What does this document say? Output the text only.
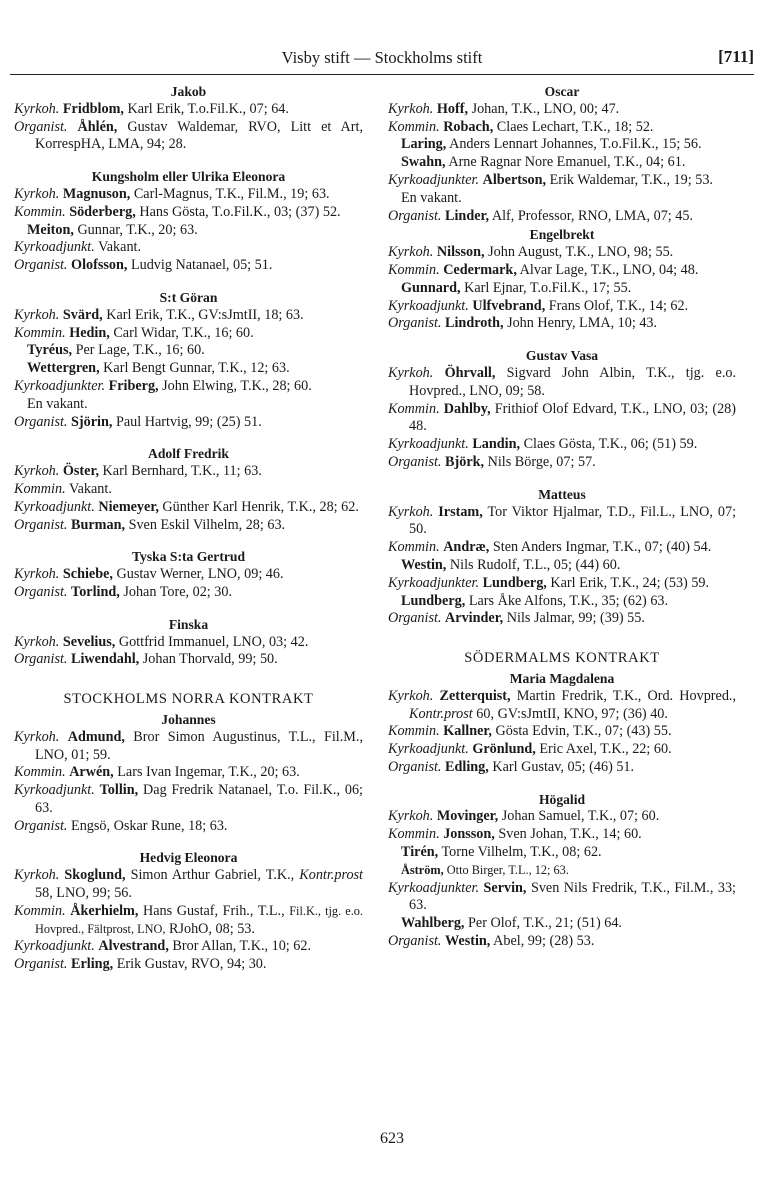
Visby stift — Stockholms stift	[711]
Jakob
Kyrkoh. Fridblom, Karl Erik, T.o.Fil.K., 07; 64.
Organist. Åhlén, Gustav Waldemar, RVO, Litt et Art, KorrespHA, LMA, 94; 28.
Kungsholm eller Ulrika Eleonora
Kyrkoh. Magnuson, Carl-Magnus, T.K., Fil.M., 19; 63.
Kommin. Söderberg, Hans Gösta, T.o.Fil.K., 03; (37) 52.
Meiton, Gunnar, T.K., 20; 63.
Kyrkoadjunkt. Vakant.
Organist. Olofsson, Ludvig Natanael, 05; 51.
S:t Göran
Kyrkoh. Svärd, Karl Erik, T.K., GV:sJmtII, 18; 63.
Kommin. Hedin, Carl Widar, T.K., 16; 60.
Tyréus, Per Lage, T.K., 16; 60.
Wettergren, Karl Bengt Gunnar, T.K., 12; 63.
Kyrkoadjunkter. Friberg, John Elwing, T.K., 28; 60.
En vakant.
Organist. Sjörin, Paul Hartvig, 99; (25) 51.
Adolf Fredrik
Kyrkoh. Öster, Karl Bernhard, T.K., 11; 63.
Kommin. Vakant.
Kyrkoadjunkt. Niemeyer, Günther Karl Henrik, T.K., 28; 62.
Organist. Burman, Sven Eskil Vilhelm, 28; 63.
Tyska S:ta Gertrud
Kyrkoh. Schiebe, Gustav Werner, LNO, 09; 46.
Organist. Torlind, Johan Tore, 02; 30.
Finska
Kyrkoh. Sevelius, Gottfrid Immanuel, LNO, 03; 42.
Organist. Liwendahl, Johan Thorvald, 99; 50.
STOCKHOLMS NORRA KONTRAKT
Johannes
Kyrkoh. Admund, Bror Simon Augustinus, T.L., Fil.M., LNO, 01; 59.
Kommin. Arwén, Lars Ivan Ingemar, T.K., 20; 63.
Kyrkoadjunkt. Tollin, Dag Fredrik Natanael, T.o. Fil.K., 06; 63.
Organist. Engsö, Oskar Rune, 18; 63.
Hedvig Eleonora
Kyrkoh. Skoglund, Simon Arthur Gabriel, T.K., Kontr.prost 58, LNO, 99; 56.
Kommin. Åkerhielm, Hans Gustaf, Frih., T.L., Fil.K., tjg. e.o. Hovpred., Fältprost, LNO, RJohO, 08; 53.
Kyrkoadjunkt. Alvestrand, Bror Allan, T.K., 10; 62.
Organist. Erling, Erik Gustav, RVO, 94; 30.
Oscar
Kyrkoh. Hoff, Johan, T.K., LNO, 00; 47.
Kommin. Robach, Claes Lechart, T.K., 18; 52.
Laring, Anders Lennart Johannes, T.o.Fil.K., 15; 56.
Swahn, Arne Ragnar Nore Emanuel, T.K., 04; 61.
Kyrkoadjunkter. Albertson, Erik Waldemar, T.K., 19; 53.
En vakant.
Organist. Linder, Alf, Professor, RNO, LMA, 07; 45.
Engelbrekt
Kyrkoh. Nilsson, John August, T.K., LNO, 98; 55.
Kommin. Cedermark, Alvar Lage, T.K., LNO, 04; 48.
Gunnard, Karl Ejnar, T.o.Fil.K., 17; 55.
Kyrkoadjunkt. Ulfvebrand, Frans Olof, T.K., 14; 62.
Organist. Lindroth, John Henry, LMA, 10; 43.
Gustav Vasa
Kyrkoh. Öhrvall, Sigvard John Albin, T.K., tjg. e.o. Hovpred., LNO, 09; 58.
Kommin. Dahlby, Frithiof Olof Edvard, T.K., LNO, 03; (28) 48.
Kyrkoadjunkt. Landin, Claes Gösta, T.K., 06; (51) 59.
Organist. Björk, Nils Börge, 07; 57.
Matteus
Kyrkoh. Irstam, Tor Viktor Hjalmar, T.D., Fil.L., LNO, 07; 50.
Kommin. Andræ, Sten Anders Ingmar, T.K., 07; (40) 54.
Westin, Nils Rudolf, T.L., 05; (44) 60.
Kyrkoadjunkter. Lundberg, Karl Erik, T.K., 24; (53) 59.
Lundberg, Lars Åke Alfons, T.K., 35; (62) 63.
Organist. Arvinder, Nils Jalmar, 99; (39) 55.
SÖDERMALMS KONTRAKT
Maria Magdalena
Kyrkoh. Zetterquist, Martin Fredrik, T.K., Ord. Hovpred., Kontr.prost 60, GV:sJmtII, KNO, 97; (36) 40.
Kommin. Kallner, Gösta Edvin, T.K., 07; (43) 55.
Kyrkoadjunkt. Grönlund, Eric Axel, T.K., 22; 60.
Organist. Edling, Karl Gustav, 05; (46) 51.
Högalid
Kyrkoh. Movinger, Johan Samuel, T.K., 07; 60.
Kommin. Jonsson, Sven Johan, T.K., 14; 60.
Tirén, Torne Vilhelm, T.K., 08; 62.
Åström, Otto Birger, T.L., 12; 63.
Kyrkoadjunkter. Servin, Sven Nils Fredrik, T.K., Fil.M., 33; 63.
Wahlberg, Per Olof, T.K., 21; (51) 64.
Organist. Westin, Abel, 99; (28) 53.
623
